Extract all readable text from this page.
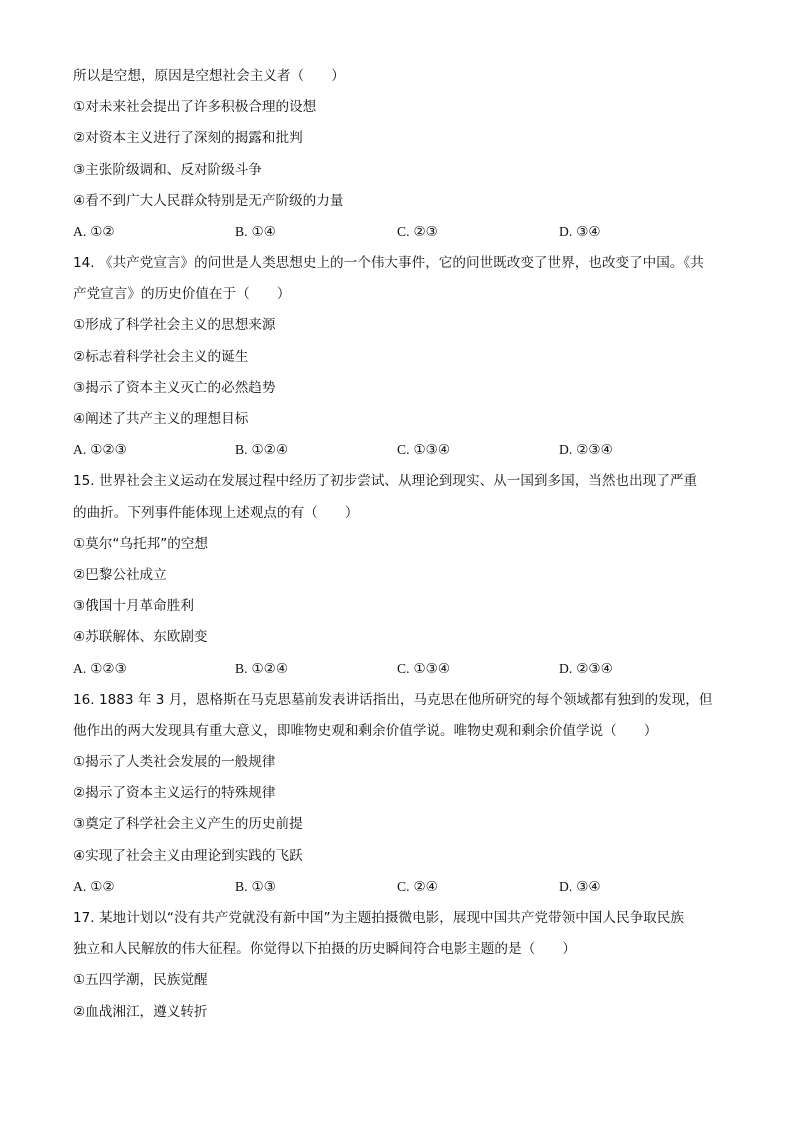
所以是空想，原因是空想社会主义者（　　）
①对未来社会提出了许多积极合理的设想
②对资本主义进行了深刻的揭露和批判
③主张阶级调和、反对阶级斗争
④看不到广大人民群众特别是无产阶级的力量
A. ①②	B. ①④	C. ②③	D. ③④
14. 《共产党宣言》的问世是人类思想史上的一个伟大事件，它的问世既改变了世界，也改变了中国。《共
产党宣言》的历史价值在于（　　）
①形成了科学社会主义的思想来源
②标志着科学社会主义的诞生
③揭示了资本主义灭亡的必然趋势
④阐述了共产主义的理想目标
A. ①②③	B. ①②④	C. ①③④	D. ②③④
15. 世界社会主义运动在发展过程中经历了初步尝试、从理论到现实、从一国到多国，当然也出现了严重
的曲折。下列事件能体现上述观点的有（　　）
①莫尔“乌托邦”的空想
②巴黎公社成立
③俄国十月革命胜利
④苏联解体、东欧剧变
A. ①②③	B. ①②④	C. ①③④	D. ②③④
16. 1883 年 3 月，恩格斯在马克思墓前发表讲话指出，马克思在他所研究的每个领域都有独到的发现，但
他作出的两大发现具有重大意义，即唯物史观和剩余价值学说。唯物史观和剩余价值学说（　　）
①揭示了人类社会发展的一般规律
②揭示了资本主义运行的特殊规律
③奠定了科学社会主义产生的历史前提
④实现了社会主义由理论到实践的飞跃
A. ①②	B. ①③	C. ②④	D. ③④
17. 某地计划以“没有共产党就没有新中国”为主题拍摄微电影，展现中国共产党带领中国人民争取民族
独立和人民解放的伟大征程。你觉得以下拍摄的历史瞬间符合电影主题的是（　　）
①五四学潮，民族觉醒
②血战湘江，遵义转折
